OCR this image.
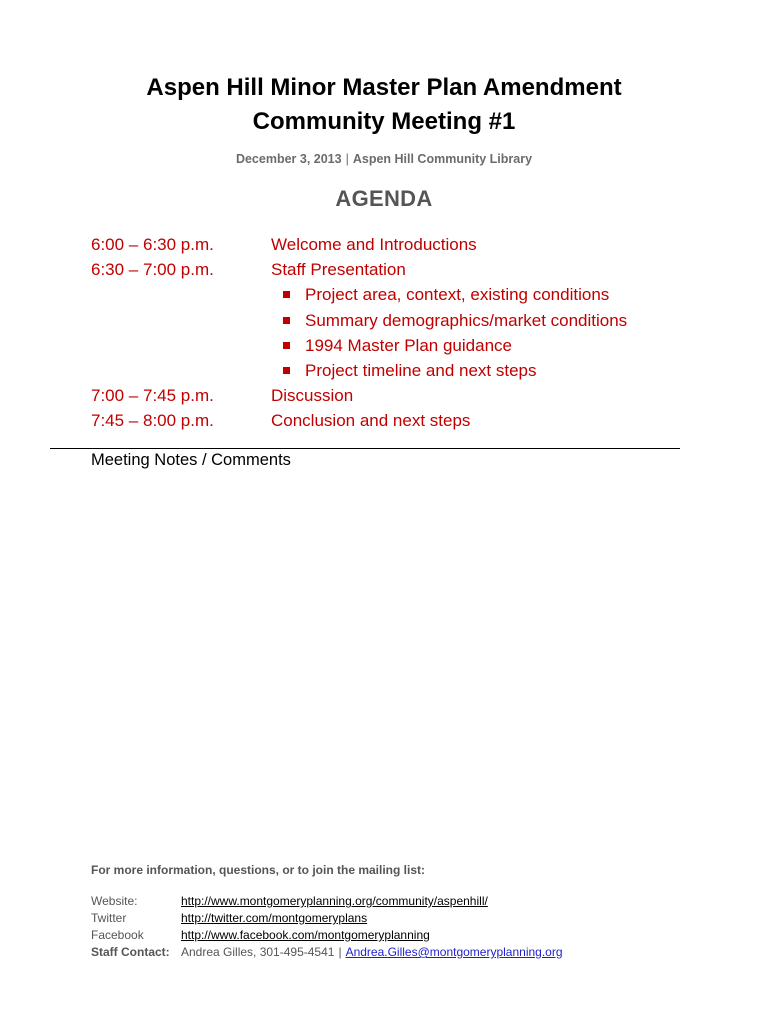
Aspen Hill Minor Master Plan Amendment
Community Meeting #1
December 3, 2013 | Aspen Hill Community Library
AGENDA
6:00 – 6:30 p.m.	Welcome and Introductions
6:30 – 7:00 p.m.	Staff Presentation
Project area, context, existing conditions
Summary demographics/market conditions
1994 Master Plan guidance
Project timeline and next steps
7:00 – 7:45 p.m.	Discussion
7:45 – 8:00 p.m.	Conclusion and next steps
Meeting Notes / Comments
For more information, questions, or to join the mailing list:
Website:	http://www.montgomeryplanning.org/community/aspenhill/
Twitter	http://twitter.com/montgomeryplans
Facebook	http://www.facebook.com/montgomeryplanning
Staff Contact: Andrea Gilles, 301-495-4541 | Andrea.Gilles@montgomeryplanning.org
